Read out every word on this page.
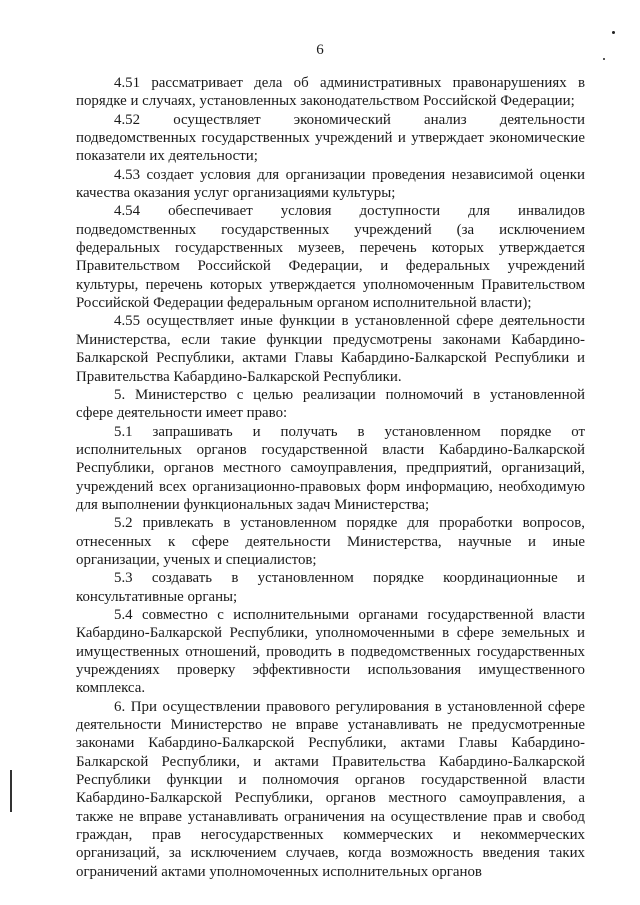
6
4.51 рассматривает дела об административных правонарушениях в
порядке и случаях, установленных законодательством Российской Федерации;
4.52 осуществляет экономический анализ деятельности
подведомственных государственных учреждений и утверждает экономические
показатели их деятельности;
4.53 создает условия для организации проведения независимой оценки
качества оказания услуг организациями культуры;
4.54 обеспечивает условия доступности для инвалидов
подведомственных государственных учреждений (за исключением
федеральных государственных музеев, перечень которых утверждается
Правительством Российской Федерации, и федеральных учреждений
культуры, перечень которых утверждается уполномоченным Правительством
Российской Федерации федеральным органом исполнительной власти);
4.55 осуществляет иные функции в установленной сфере деятельности
Министерства, если такие функции предусмотрены законами Кабардино-
Балкарской Республики, актами Главы Кабардино-Балкарской Республики и
Правительства Кабардино-Балкарской Республики.
5. Министерство с целью реализации полномочий в установленной
сфере деятельности имеет право:
5.1 запрашивать и получать в установленном порядке от
исполнительных органов государственной власти Кабардино-Балкарской
Республики, органов местного самоуправления, предприятий, организаций,
учреждений всех организационно-правовых форм информацию, необходимую
для выполнении функциональных задач Министерства;
5.2 привлекать в установленном порядке для проработки вопросов,
отнесенных к сфере деятельности Министерства, научные и иные
организации, ученых и специалистов;
5.3 создавать в установленном порядке координационные и
консультативные органы;
5.4 совместно с исполнительными органами государственной власти
Кабардино-Балкарской Республики, уполномоченными в сфере земельных и
имущественных отношений, проводить в подведомственных государственных
учреждениях проверку эффективности использования имущественного
комплекса.
6. При осуществлении правового регулирования в установленной сфере
деятельности Министерство не вправе устанавливать не предусмотренные
законами Кабардино-Балкарской Республики, актами Главы Кабардино-
Балкарской Республики, и актами Правительства Кабардино-Балкарской
Республики функции и полномочия органов государственной власти
Кабардино-Балкарской Республики, органов местного самоуправления, а
также не вправе устанавливать ограничения на осуществление прав и свобод
граждан, прав негосударственных коммерческих и некоммерческих
организаций, за исключением случаев, когда возможность введения таких
ограничений актами уполномоченных исполнительных органов
